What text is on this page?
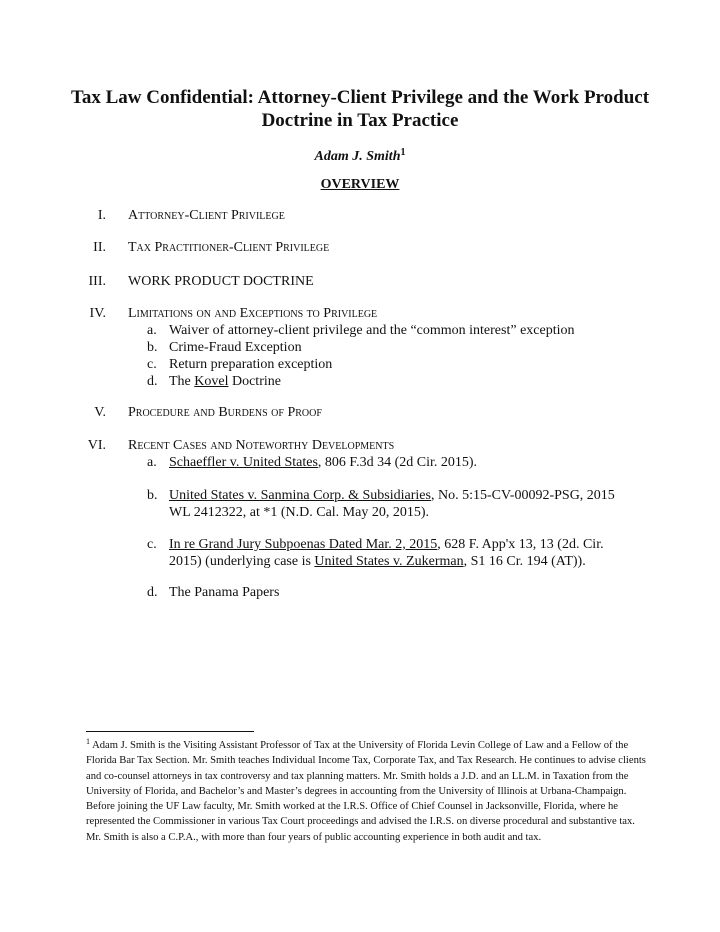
Tax Law Confidential: Attorney-Client Privilege and the Work Product Doctrine in Tax Practice
Adam J. Smith$^1$
OVERVIEW
I. Attorney-Client Privilege
II. Tax Practitioner-Client Privilege
III. WORK PRODUCT DOCTRINE
IV. Limitations on and Exceptions to Privilege
a. Waiver of attorney-client privilege and the “common interest” exception
b. Crime-Fraud Exception
c. Return preparation exception
d. The Kovel Doctrine
V. Procedure and Burdens of Proof
VI. Recent Cases and Noteworthy Developments
a. Schaeffler v. United States, 806 F.3d 34 (2d Cir. 2015).
b. United States v. Sanmina Corp. & Subsidiaries, No. 5:15-CV-00092-PSG, 2015 WL 2412322, at *1 (N.D. Cal. May 20, 2015).
c. In re Grand Jury Subpoenas Dated Mar. 2, 2015, 628 F. App'x 13, 13 (2d. Cir. 2015) (underlying case is United States v. Zukerman, S1 16 Cr. 194 (AT)).
d. The Panama Papers
$^1$ Adam J. Smith is the Visiting Assistant Professor of Tax at the University of Florida Levin College of Law and a Fellow of the Florida Bar Tax Section. Mr. Smith teaches Individual Income Tax, Corporate Tax, and Tax Research. He continues to advise clients and co-counsel attorneys in tax controversy and tax planning matters. Mr. Smith holds a J.D. and an LL.M. in Taxation from the University of Florida, and Bachelor’s and Master’s degrees in accounting from the University of Illinois at Urbana-Champaign. Before joining the UF Law faculty, Mr. Smith worked at the I.R.S. Office of Chief Counsel in Jacksonville, Florida, where he represented the Commissioner in various Tax Court proceedings and advised the I.R.S. on diverse procedural and substantive tax. Mr. Smith is also a C.P.A., with more than four years of public accounting experience in both audit and tax.
